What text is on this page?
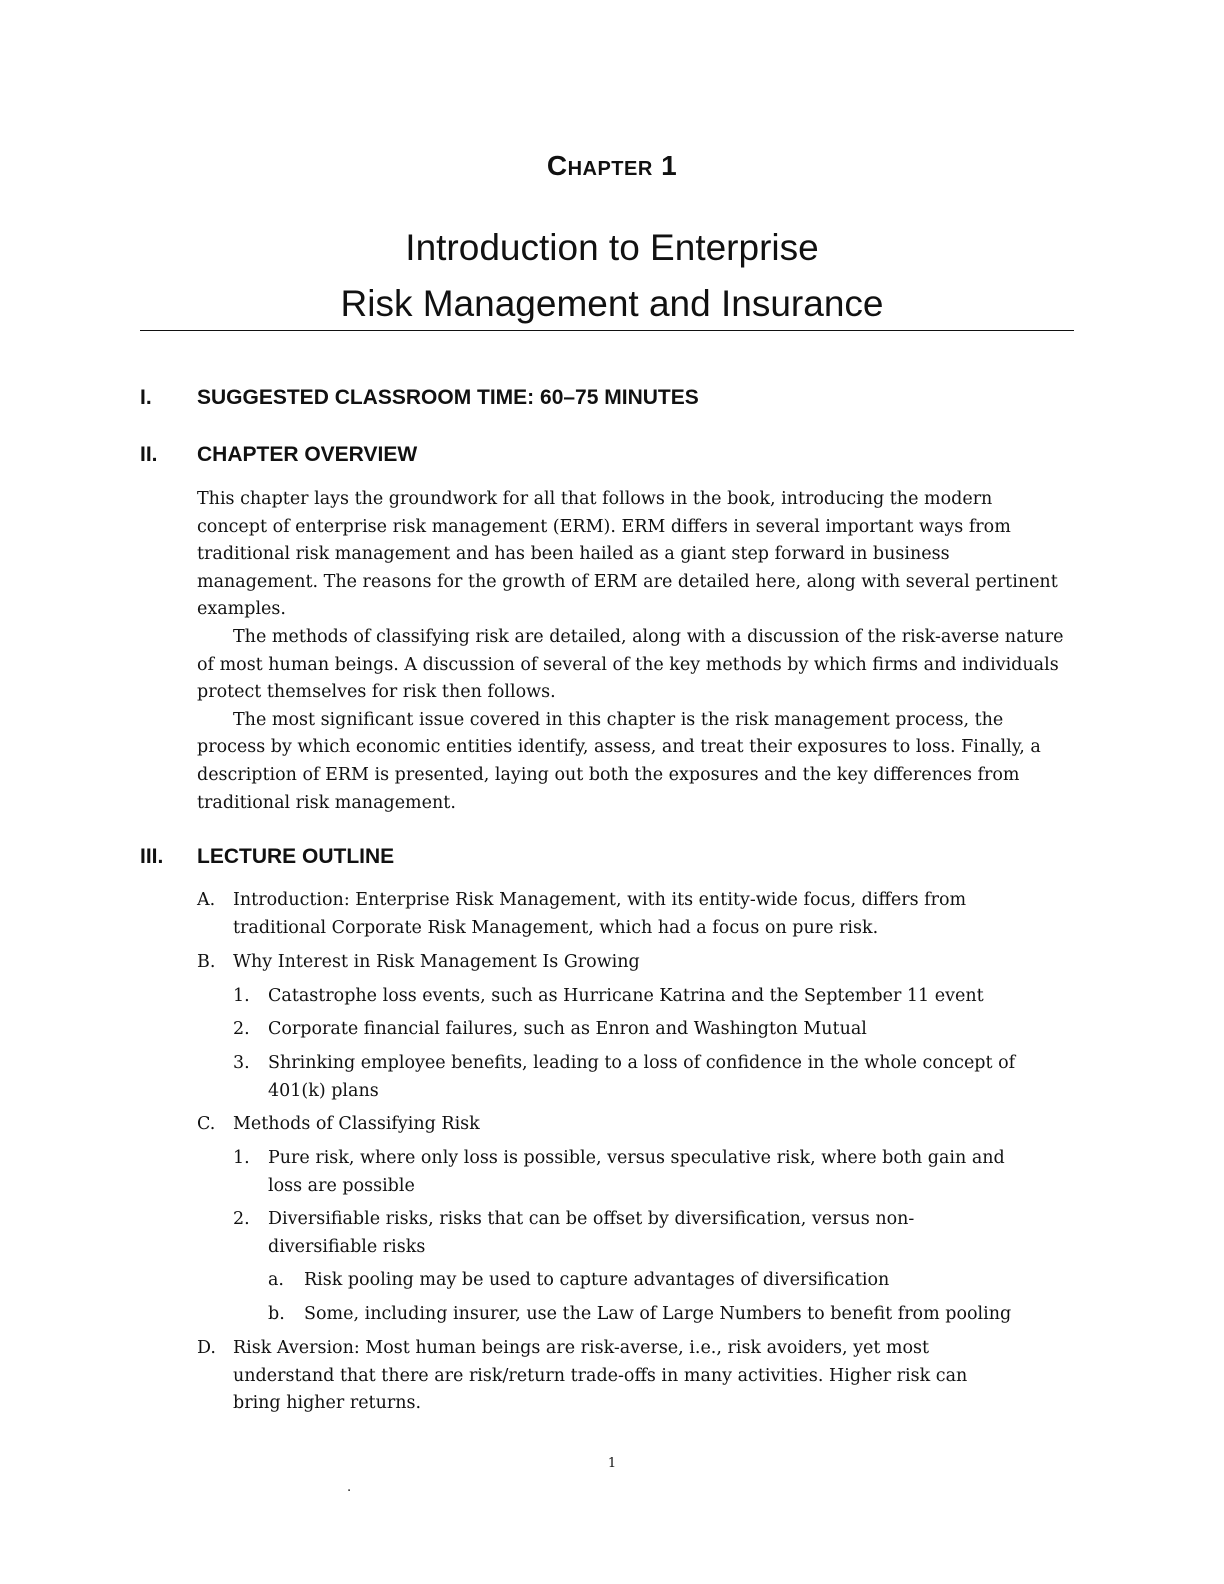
Chapter 1
Introduction to Enterprise
Risk Management and Insurance
I. SUGGESTED CLASSROOM TIME: 60–75 MINUTES
II. CHAPTER OVERVIEW

This chapter lays the groundwork for all that follows in the book, introducing the modern concept of enterprise risk management (ERM). ERM differs in several important ways from traditional risk management and has been hailed as a giant step forward in business management. The reasons for the growth of ERM are detailed here, along with several pertinent examples.

The methods of classifying risk are detailed, along with a discussion of the risk-averse nature of most human beings. A discussion of several of the key methods by which firms and individuals protect themselves for risk then follows.

The most significant issue covered in this chapter is the risk management process, the process by which economic entities identify, assess, and treat their exposures to loss. Finally, a description of ERM is presented, laying out both the exposures and the key differences from traditional risk management.

III. LECTURE OUTLINE
A. Introduction: Enterprise Risk Management, with its entity-wide focus, differs from
traditional Corporate Risk Management, which had a focus on pure risk.
B. Why Interest in Risk Management Is Growing
1. Catastrophe loss events, such as Hurricane Katrina and the September 11 event
2. Corporate financial failures, such as Enron and Washington Mutual
3. Shrinking employee benefits, leading to a loss of confidence in the whole concept of
401(k) plans
C. Methods of Classifying Risk
1. Pure risk, where only loss is possible, versus speculative risk, where both gain and
loss are possible
2. Diversifiable risks, risks that can be offset by diversification, versus non-
diversifiable risks
a. Risk pooling may be used to capture advantages of diversification
b. Some, including insurer, use the Law of Large Numbers to benefit from pooling
D. Risk Aversion: Most human beings are risk-averse, i.e., risk avoiders, yet most
understand that there are risk/return trade-offs in many activities. Higher risk can
bring higher returns.
1
.
